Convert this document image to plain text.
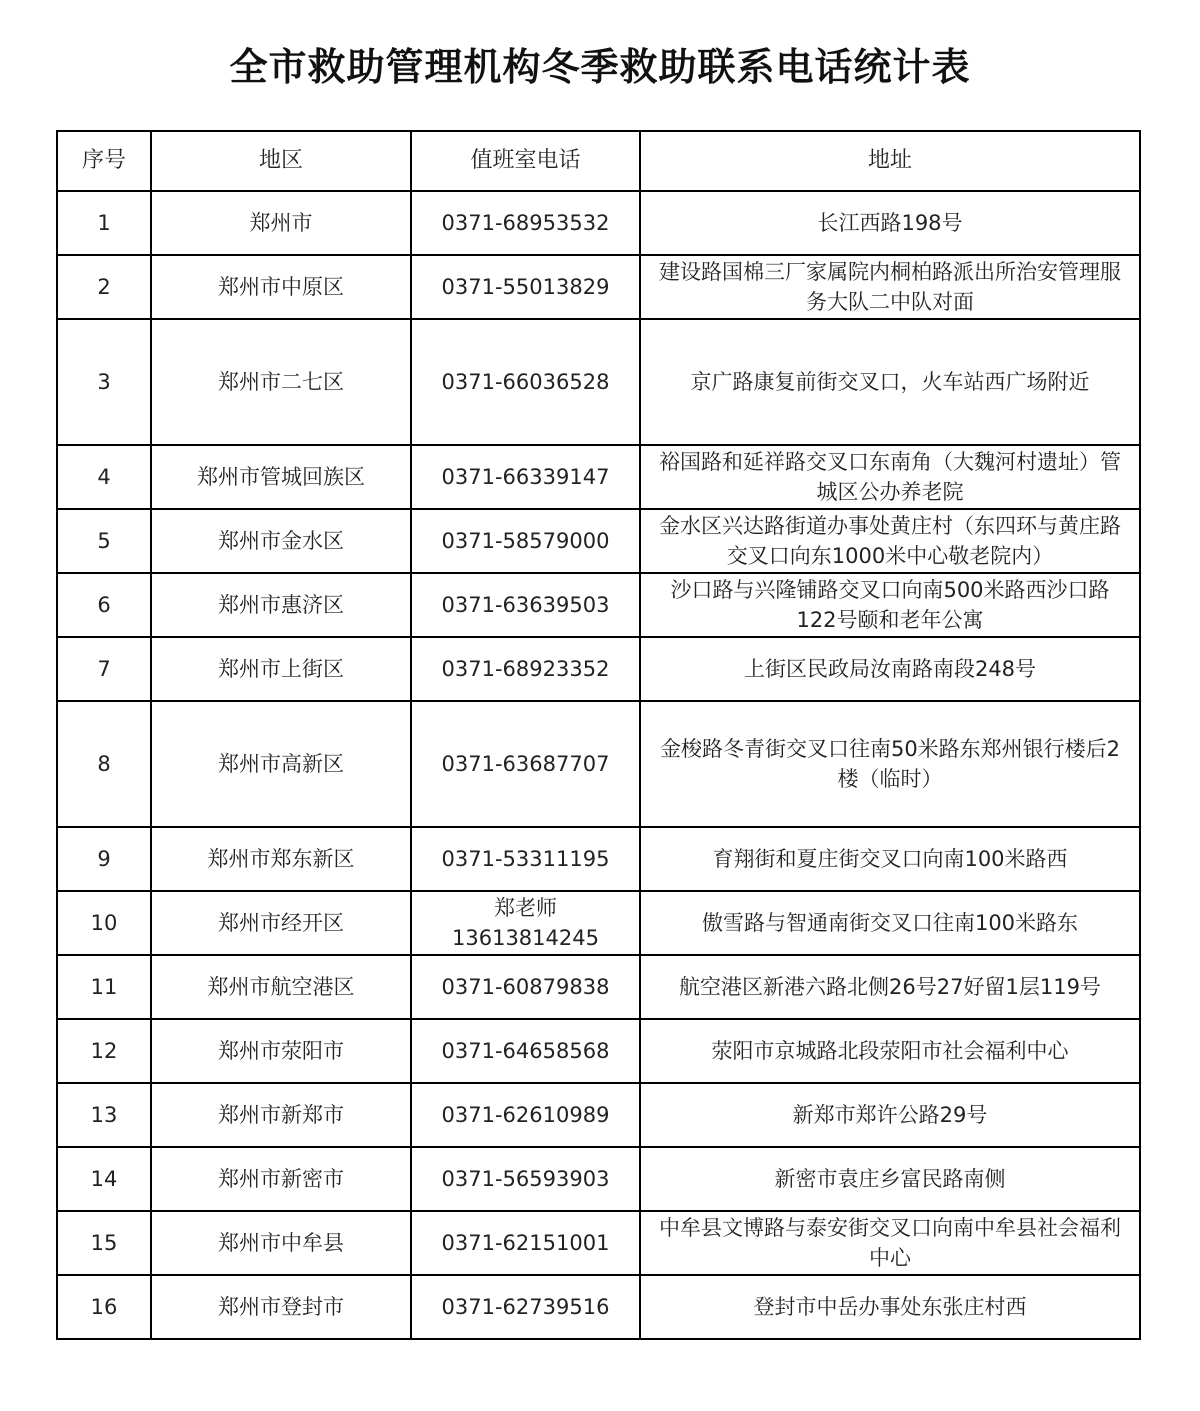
全市救助管理机构冬季救助联系电话统计表
序号	地区	值班室电话	地址
1	郑州市	0371-68953532	长江西路198号
2	郑州市中原区	0371-55013829	建设路国棉三厂家属院内桐柏路派出所治安管理服务大队二中队对面
3	郑州市二七区	0371-66036528	京广路康复前街交叉口，火车站西广场附近
4	郑州市管城回族区	0371-66339147	裕国路和延祥路交叉口东南角（大魏河村遗址）管城区公办养老院
5	郑州市金水区	0371-58579000	金水区兴达路街道办事处黄庄村（东四环与黄庄路交叉口向东1000米中心敬老院内）
6	郑州市惠济区	0371-63639503	沙口路与兴隆铺路交叉口向南500米路西沙口路122号颐和老年公寓
7	郑州市上街区	0371-68923352	上街区民政局汝南路南段248号
8	郑州市高新区	0371-63687707	金梭路冬青街交叉口往南50米路东郑州银行楼后2楼（临时）
9	郑州市郑东新区	0371-53311195	育翔街和夏庄街交叉口向南100米路西
10	郑州市经开区	郑老师 13613814245	傲雪路与智通南街交叉口往南100米路东
11	郑州市航空港区	0371-60879838	航空港区新港六路北侧26号27好留1层119号
12	郑州市荥阳市	0371-64658568	荥阳市京城路北段荥阳市社会福利中心
13	郑州市新郑市	0371-62610989	新郑市郑许公路29号
14	郑州市新密市	0371-56593903	新密市袁庄乡富民路南侧
15	郑州市中牟县	0371-62151001	中牟县文博路与泰安街交叉口向南中牟县社会福利中心
16	郑州市登封市	0371-62739516	登封市中岳办事处东张庄村西
